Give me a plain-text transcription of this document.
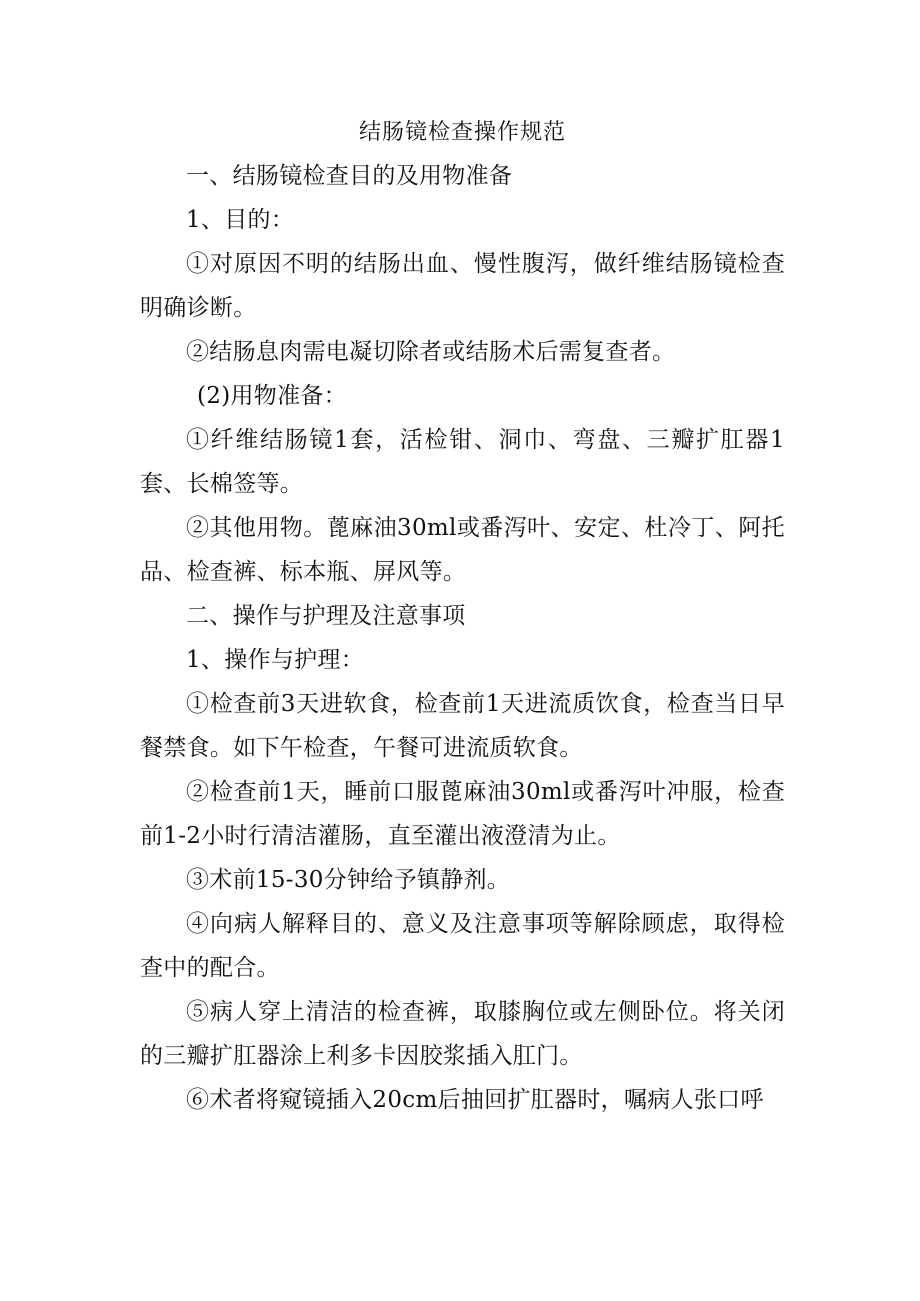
结肠镜检查操作规范

一、结肠镜检查目的及用物准备

1、目的：

①对原因不明的结肠出血、慢性腹泻，做纤维结肠镜检查明确诊断。

②结肠息肉需电凝切除者或结肠术后需复查者。

(2)用物准备：

①纤维结肠镜1套，活检钳、洞巾、弯盘、三瓣扩肛器1套、长棉签等。

②其他用物。蓖麻油30ml或番泻叶、安定、杜冷丁、阿托品、检查裤、标本瓶、屏风等。

二、操作与护理及注意事项

1、操作与护理：

①检查前3天进软食，检查前1天进流质饮食，检查当日早餐禁食。如下午检查，午餐可进流质软食。

②检查前1天，睡前口服蓖麻油30ml或番泻叶冲服，检查前1-2小时行清洁灌肠，直至灌出液澄清为止。

③术前15-30分钟给予镇静剂。

④向病人解释目的、意义及注意事项等解除顾虑，取得检查中的配合。

⑤病人穿上清洁的检查裤，取膝胸位或左侧卧位。将关闭的三瓣扩肛器涂上利多卡因胶浆插入肛门。

⑥术者将窥镜插入20cm后抽回扩肛器时，嘱病人张口呼
